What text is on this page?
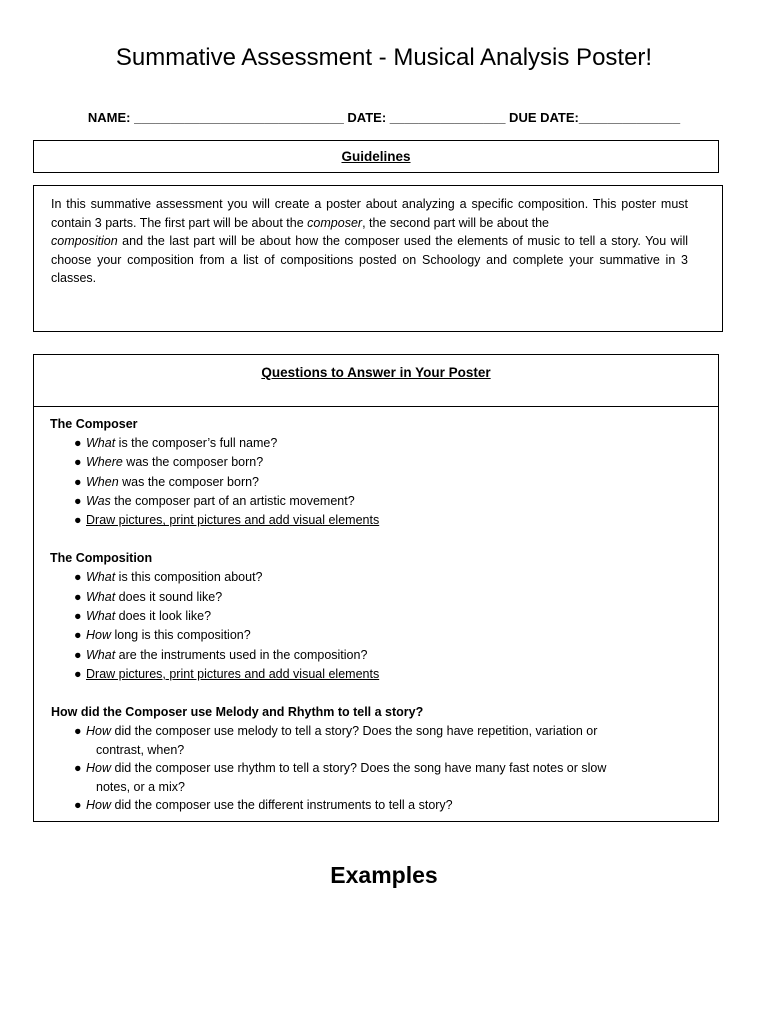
Summative Assessment - Musical Analysis Poster!
NAME: _____________________________ DATE: ________________ DUE DATE:______________
Guidelines
In this summative assessment you will create a poster about analyzing a specific composition. This poster must contain 3 parts. The first part will be about the composer, the second part will be about the
composition and the last part will be about how the composer used the elements of music to tell a story. You will choose your composition from a list of compositions posted on Schoology and complete your summative in 3 classes.
Questions to Answer in Your Poster
The Composer
● What is the composer’s full name?
● Where was the composer born?
● When was the composer born?
● Was the composer part of an artistic movement?
● Draw pictures, print pictures and add visual elements
The Composition
● What is this composition about?
● What does it sound like?
● What does it look like?
● How long is this composition?
● What are the instruments used in the composition?
● Draw pictures, print pictures and add visual elements
How did the Composer use Melody and Rhythm to tell a story?
● How did the composer use melody to tell a story? Does the song have repetition, variation or
contrast, when?
● How did the composer use rhythm to tell a story? Does the song have many fast notes or slow
notes, or a mix?
● How did the composer use the different instruments to tell a story?
Examples
